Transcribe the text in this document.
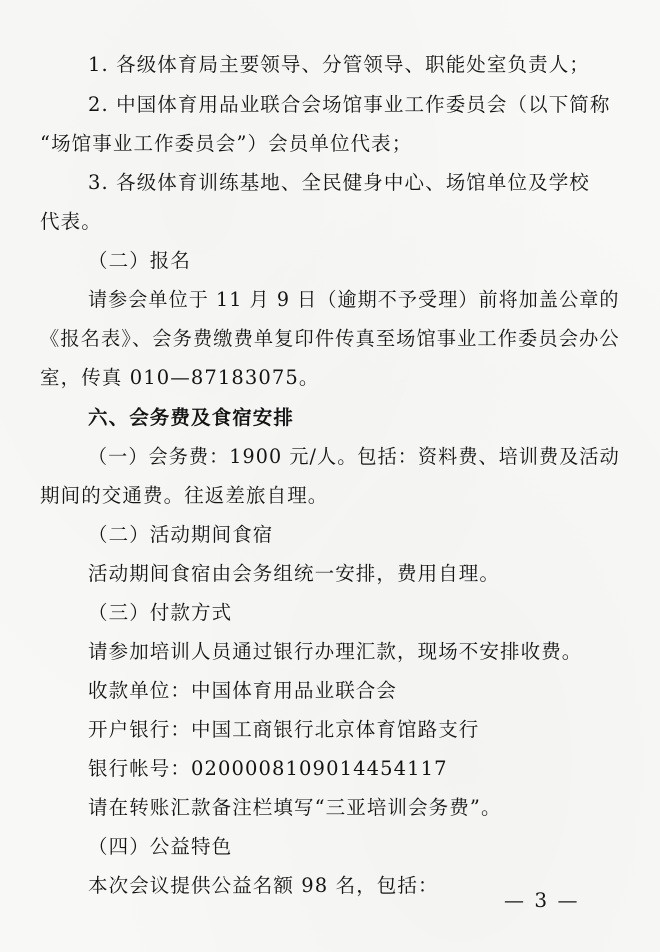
1. 各级体育局主要领导、分管领导、职能处室负责人；
2. 中国体育用品业联合会场馆事业工作委员会（以下简称
“场馆事业工作委员会”）会员单位代表；
3. 各级体育训练基地、全民健身中心、场馆单位及学校
代表。
（二）报名
请参会单位于 11 月 9 日（逾期不予受理）前将加盖公章的
《报名表》、会务费缴费单复印件传真至场馆事业工作委员会办公
室，传真 010—87183075。
六、会务费及食宿安排
（一）会务费：1900 元/人。包括：资料费、培训费及活动
期间的交通费。往返差旅自理。
（二）活动期间食宿
活动期间食宿由会务组统一安排，费用自理。
（三）付款方式
请参加培训人员通过银行办理汇款，现场不安排收费。
收款单位：中国体育用品业联合会
开户银行：中国工商银行北京体育馆路支行
银行帐号：0200008109014454117
请在转账汇款备注栏填写“三亚培训会务费”。
（四）公益特色
本次会议提供公益名额 98 名，包括：
— 3 —
